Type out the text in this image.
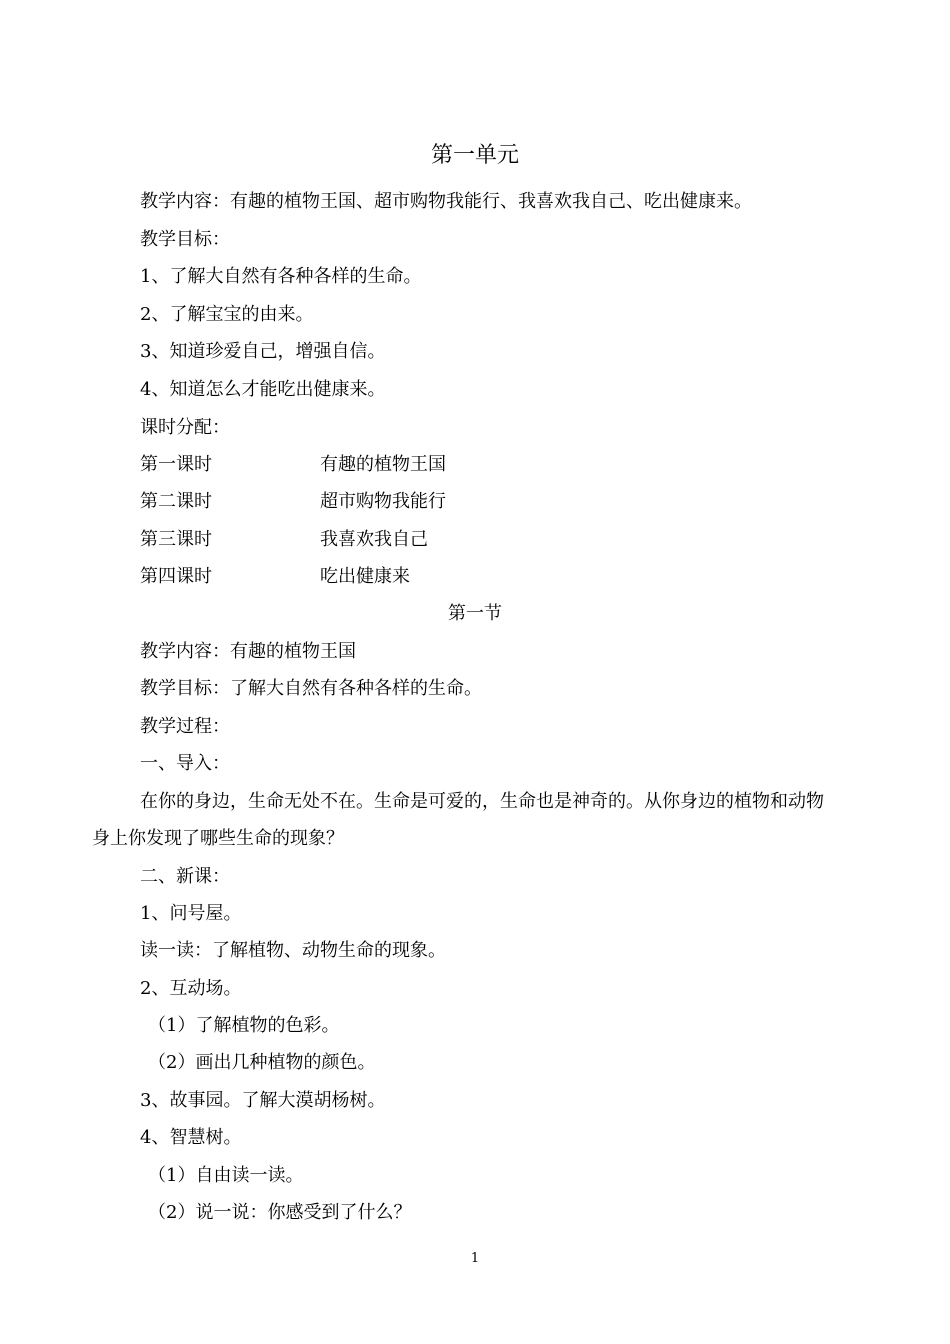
第一单元
教学内容：有趣的植物王国、超市购物我能行、我喜欢我自己、吃出健康来。
教学目标：
1、了解大自然有各种各样的生命。
2、了解宝宝的由来。
3、知道珍爱自己，增强自信。
4、知道怎么才能吃出健康来。
课时分配：
第一课时	有趣的植物王国
第二课时	超市购物我能行
第三课时	我喜欢我自己
第四课时	吃出健康来
第一节
教学内容：有趣的植物王国
教学目标：了解大自然有各种各样的生命。
教学过程：
一、导入：
在你的身边，生命无处不在。生命是可爱的，生命也是神奇的。从你身边的植物和动物
身上你发现了哪些生命的现象？
二、新课：
1、问号屋。
读一读：了解植物、动物生命的现象。
2、互动场。
（1）了解植物的色彩。
（2）画出几种植物的颜色。
3、故事园。了解大漠胡杨树。
4、智慧树。
（1）自由读一读。
（2）说一说：你感受到了什么？
1
